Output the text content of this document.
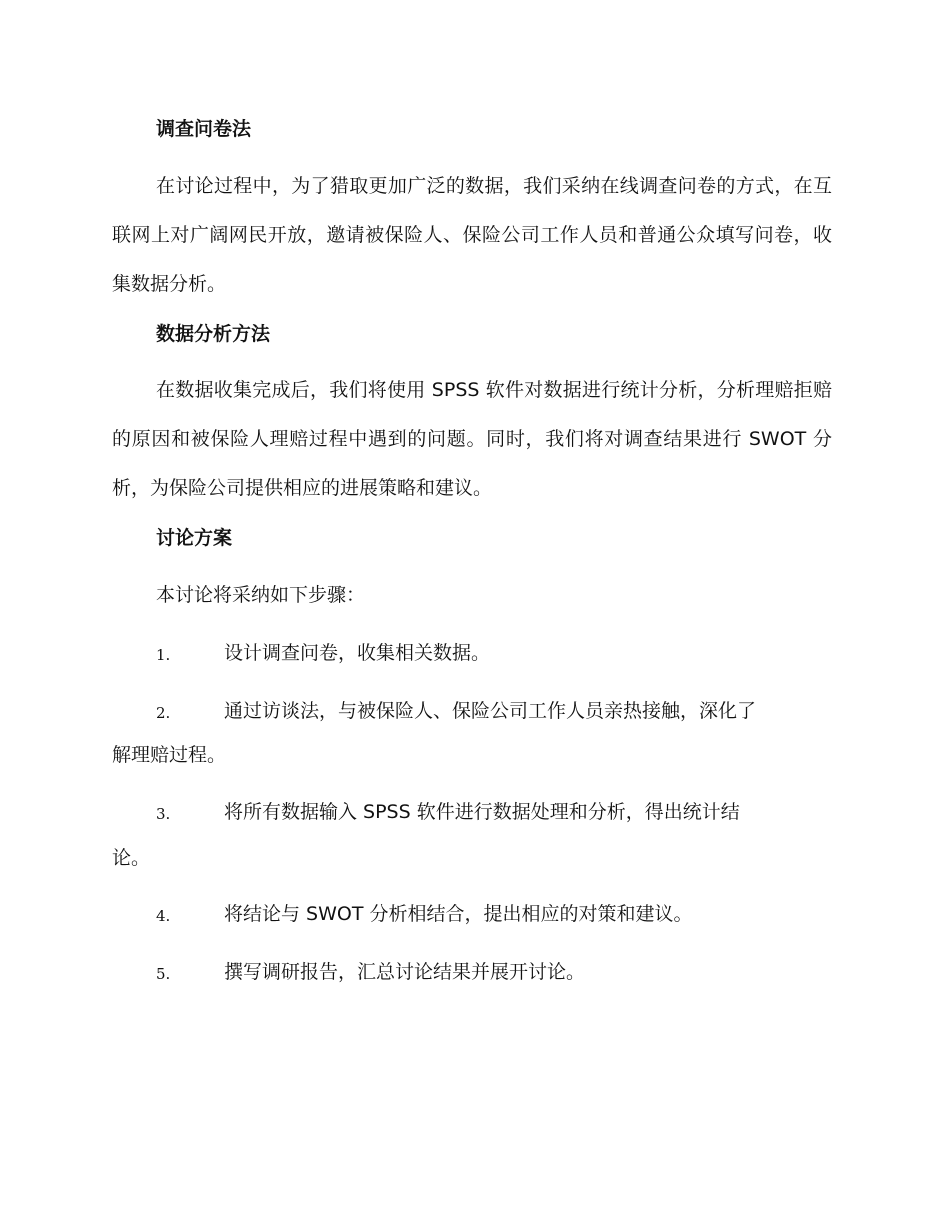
调查问卷法

在讨论过程中，为了猎取更加广泛的数据，我们采纳在线调查问卷的方式，在互联网上对广阔网民开放，邀请被保险人、保险公司工作人员和普通公众填写问卷，收集数据分析。

数据分析方法

在数据收集完成后，我们将使用 SPSS 软件对数据进行统计分析，分析理赔拒赔的原因和被保险人理赔过程中遇到的问题。同时，我们将对调查结果进行 SWOT 分析，为保险公司提供相应的进展策略和建议。

讨论方案
本讨论将采纳如下步骤：
1.	设计调查问卷，收集相关数据。
2.	通过访谈法，与被保险人、保险公司工作人员亲热接触，深化了
解理赔过程。
3.	将所有数据输入 SPSS 软件进行数据处理和分析，得出统计结
论。
4.	将结论与 SWOT 分析相结合，提出相应的对策和建议。
5.	撰写调研报告，汇总讨论结果并展开讨论。
